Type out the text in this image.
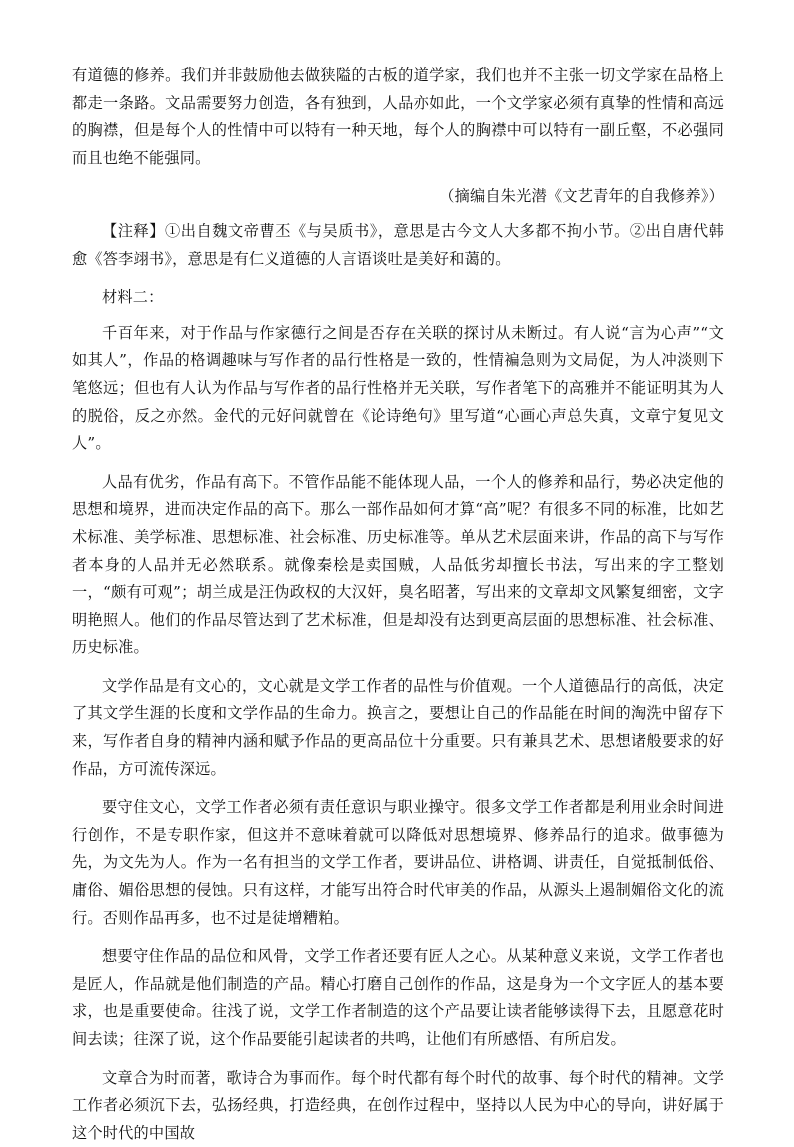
有道德的修养。我们并非鼓励他去做狭隘的古板的道学家，我们也并不主张一切文学家在品格上都走一条路。文品需要努力创造，各有独到，人品亦如此，一个文学家必须有真挚的性情和高远的胸襟，但是每个人的性情中可以特有一种天地，每个人的胸襟中可以特有一副丘壑，不必强同而且也绝不能强同。

（摘编自朱光潜《文艺青年的自我修养》）

【注释】①出自魏文帝曹丕《与吴质书》，意思是古今文人大多都不拘小节。②出自唐代韩愈《答李翊书》，意思是有仁义道德的人言语谈吐是美好和蔼的。

材料二：

千百年来，对于作品与作家德行之间是否存在关联的探讨从未断过。有人说“言为心声”“文如其人”，作品的格调趣味与写作者的品行性格是一致的，性情褊急则为文局促，为人冲淡则下笔悠远；但也有人认为作品与写作者的品行性格并无关联，写作者笔下的高雅并不能证明其为人的脱俗，反之亦然。金代的元好问就曾在《论诗绝句》里写道“心画心声总失真，文章宁复见文人”。

人品有优劣，作品有高下。不管作品能不能体现人品，一个人的修养和品行，势必决定他的思想和境界，进而决定作品的高下。那么一部作品如何才算“高”呢？有很多不同的标准，比如艺术标准、美学标准、思想标准、社会标准、历史标准等。单从艺术层面来讲，作品的高下与写作者本身的人品并无必然联系。就像秦桧是卖国贼，人品低劣却擅长书法，写出来的字工整划一，“颇有可观”；胡兰成是汪伪政权的大汉奸，臭名昭著，写出来的文章却文风繁复细密，文字明艳照人。他们的作品尽管达到了艺术标准，但是却没有达到更高层面的思想标准、社会标准、历史标准。

文学作品是有文心的，文心就是文学工作者的品性与价值观。一个人道德品行的高低，决定了其文学生涯的长度和文学作品的生命力。换言之，要想让自己的作品能在时间的淘洗中留存下来，写作者自身的精神内涵和赋予作品的更高品位十分重要。只有兼具艺术、思想诸般要求的好作品，方可流传深远。

要守住文心，文学工作者必须有责任意识与职业操守。很多文学工作者都是利用业余时间进行创作，不是专职作家，但这并不意味着就可以降低对思想境界、修养品行的追求。做事德为先，为文先为人。作为一名有担当的文学工作者，要讲品位、讲格调、讲责任，自觉抵制低俗、庸俗、媚俗思想的侵蚀。只有这样，才能写出符合时代审美的作品，从源头上遏制媚俗文化的流行。否则作品再多，也不过是徒增糟粕。

想要守住作品的品位和风骨，文学工作者还要有匠人之心。从某种意义来说，文学工作者也是匠人，作品就是他们制造的产品。精心打磨自己创作的作品，这是身为一个文字匠人的基本要求，也是重要使命。往浅了说，文学工作者制造的这个产品要让读者能够读得下去，且愿意花时间去读；往深了说，这个作品要能引起读者的共鸣，让他们有所感悟、有所启发。

文章合为时而著，歌诗合为事而作。每个时代都有每个时代的故事、每个时代的精神。文学工作者必须沉下去，弘扬经典，打造经典，在创作过程中，坚持以人民为中心的导向，讲好属于这个时代的中国故
